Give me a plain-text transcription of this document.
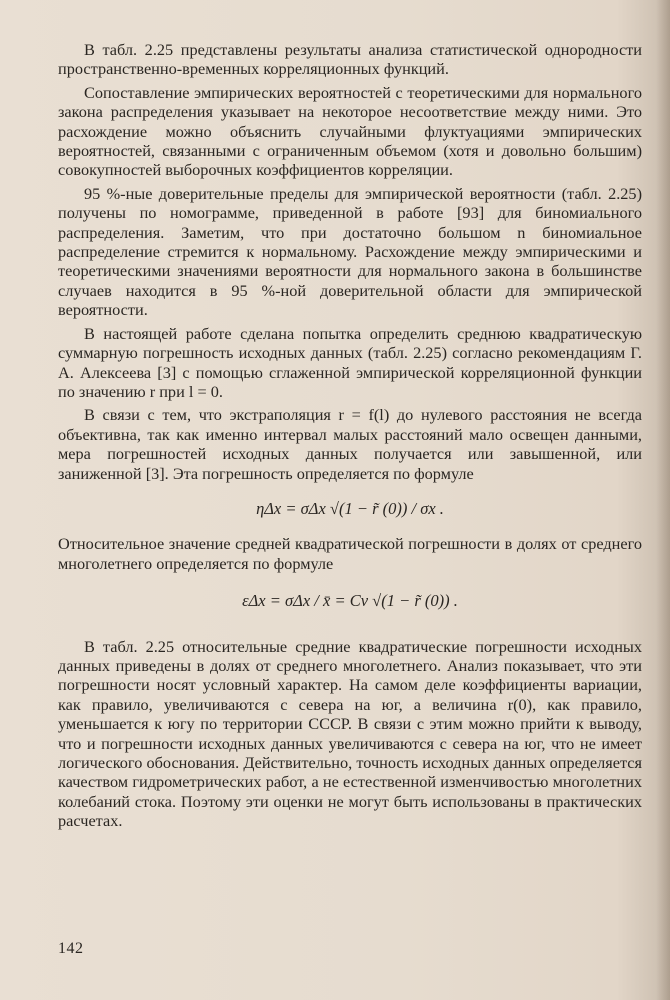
В табл. 2.25 представлены результаты анализа статистической однородности пространственно-временных корреляционных функций.

Сопоставление эмпирических вероятностей с теоретическими для нормального закона распределения указывает на некоторое несоответствие между ними. Это расхождение можно объяснить случайными флуктуациями эмпирических вероятностей, связанными с ограниченным объемом (хотя и довольно большим) совокупностей выборочных коэффициентов корреляции.

95 %-ные доверительные пределы для эмпирической вероятности (табл. 2.25) получены по номограмме, приведенной в работе [93] для биномиального распределения. Заметим, что при достаточно большом n биномиальное распределение стремится к нормальному. Расхождение между эмпирическими и теоретическими значениями вероятности для нормального закона в большинстве случаев находится в 95 %-ной доверительной области для эмпирической вероятности.

В настоящей работе сделана попытка определить среднюю квадратическую суммарную погрешность исходных данных (табл. 2.25) согласно рекомендациям Г. А. Алексеева [3] с помощью сглаженной эмпирической корреляционной функции по значению r при l = 0.

В связи с тем, что экстраполяция r = f(l) до нулевого расстояния не всегда объективна, так как именно интервал малых расстояний мало освещен данными, мера погрешностей исходных данных получается или завышенной, или заниженной [3]. Эта погрешность определяется по формуле

ηΔx = σΔx √(1 − r̃ (0)) / σx .

Относительное значение средней квадратической погрешности в долях от среднего многолетнего определяется по формуле

εΔx = σΔx / x̄ = Cv √(1 − r̃ (0)) .

В табл. 2.25 относительные средние квадратические погрешности исходных данных приведены в долях от среднего многолетнего. Анализ показывает, что эти погрешности носят условный характер. На самом деле коэффициенты вариации, как правило, увеличиваются с севера на юг, а величина r(0), как правило, уменьшается к югу по территории СССР. В связи с этим можно прийти к выводу, что и погрешности исходных данных увеличиваются с севера на юг, что не имеет логического обоснования. Действительно, точность исходных данных определяется качеством гидрометрических работ, а не естественной изменчивостью многолетних колебаний стока. Поэтому эти оценки не могут быть использованы в практических расчетах.

142
